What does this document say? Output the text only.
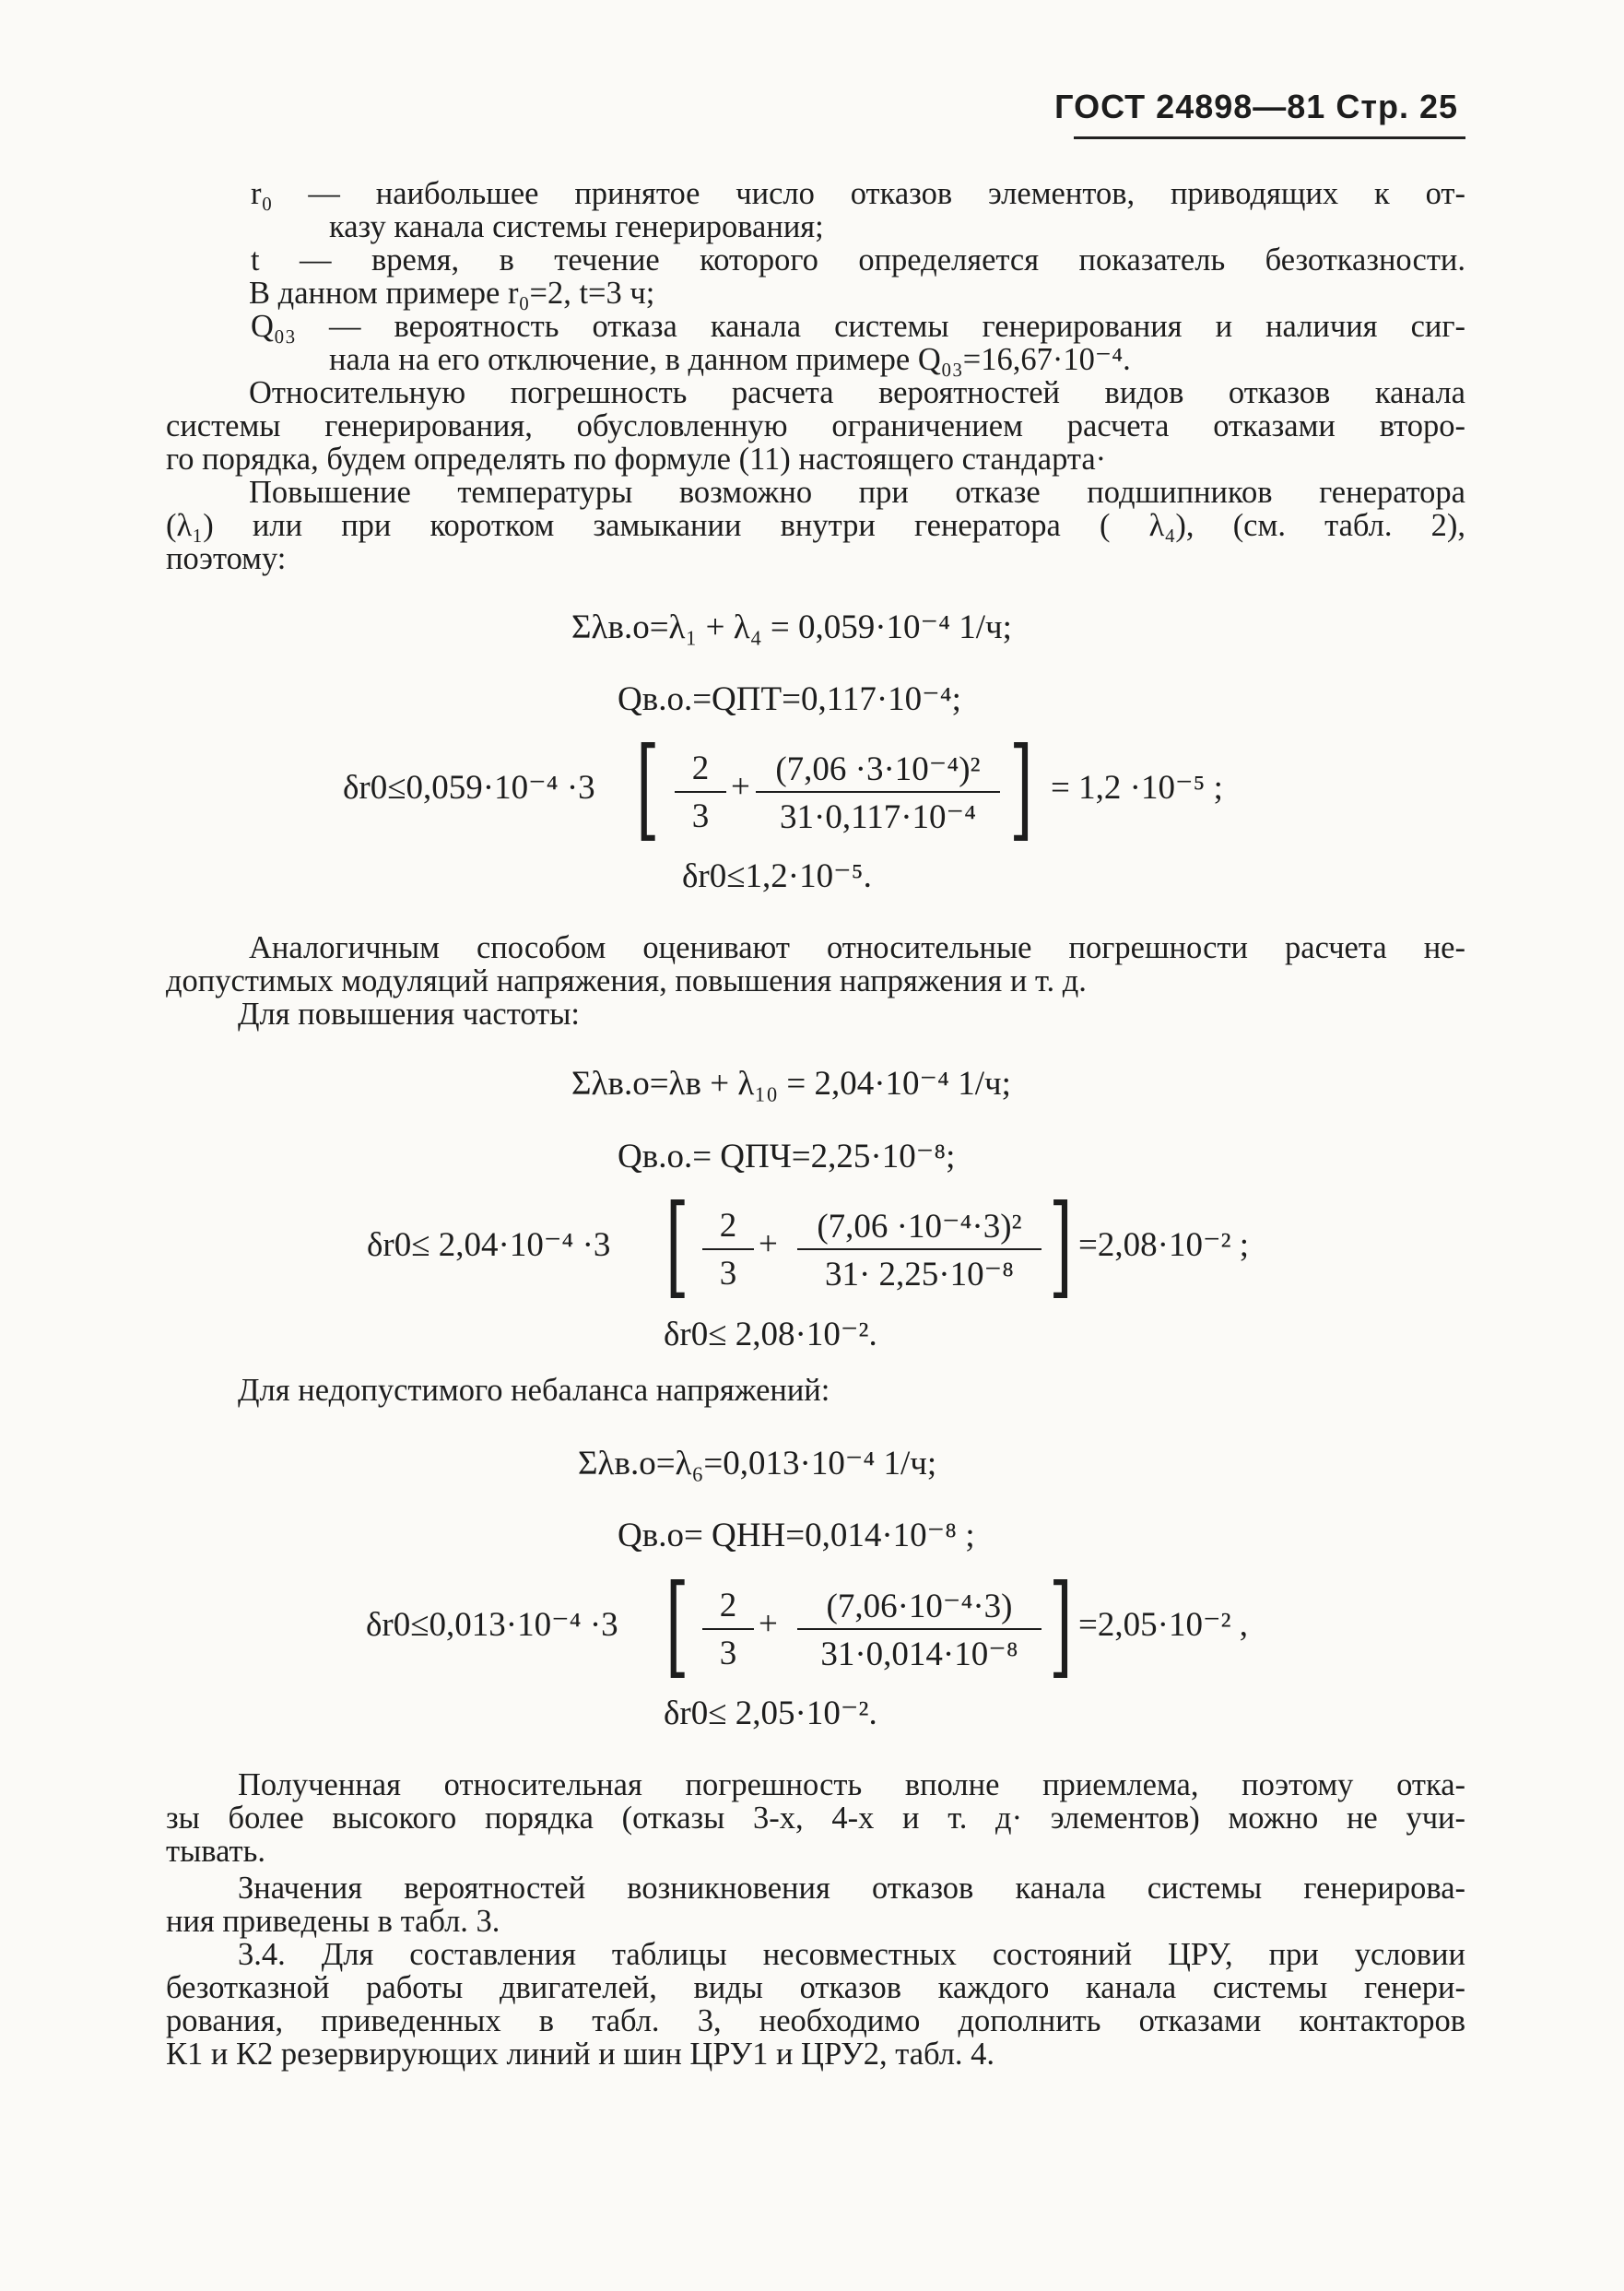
ГОСТ 24898—81 Стр. 25
r₀ — наибольшее принятое число отказов элементов, приводящих к от-
казу канала системы генерирования;
t — время, в течение которого определяется показатель безотказности.
В данном примере r₀=2, t=3 ч;
Q₀₃ — вероятность отказа канала системы генерирования и наличия сиг-
нала на его отключение, в данном примере Q₀₃=16,67·10⁻⁴.
Относительную погрешность расчета вероятностей видов отказов канала
системы генерирования, обусловленную ограничением расчета отказами второ-
го порядка, будем определять по формуле (11) настоящего стандарта·
Повышение температуры возможно при отказе подшипников генератора
(λ₁) или при коротком замыкании внутри генератора ( λ₄), (см. табл. 2),
поэтому:
Σλв.о=λ₁ + λ₄ = 0,059·10⁻⁴ 1/ч;
Qв.о.=QПТ=0,117·10⁻⁴;
δr0≤0,059·10⁻⁴ ·3 [ 2
3
+ (7,06 ·3·10⁻⁴)²
31·0,117·10⁻⁴ ] = 1,2 ·10⁻⁵ ;
δr0≤1,2·10⁻⁵.
Аналогичным способом оценивают относительные погрешности расчета не-
допустимых модуляций напряжения, повышения напряжения и т. д.
Для повышения частоты:
Σλв.о=λв + λ₁₀ = 2,04·10⁻⁴ 1/ч;
Qв.о.= QПЧ=2,25·10⁻⁸;
δr0≤ 2,04·10⁻⁴ ·3 [ 2
3
+	(7,06 ·10⁻⁴·3)²
31· 2,25·10⁻⁸ ] =2,08·10⁻² ;
δr0≤ 2,08·10⁻².
Для недопустимого небаланса напряжений:
Σλв.о=λ₆=0,013·10⁻⁴ 1/ч;
Qв.о= QНН=0,014·10⁻⁸ ;
δr0≤0,013·10⁻⁴ ·3 [ 2
3
+	(7,06·10⁻⁴·3)
31·0,014·10⁻⁸ ] =2,05·10⁻² ,
δr0≤ 2,05·10⁻².
Полученная относительная погрешность вполне приемлема, поэтому отка-
зы более высокого порядка (отказы 3-х, 4-х и т. д· элементов) можно не учи-
тывать.
Значения вероятностей возникновения отказов канала системы генерирова-
ния приведены в табл. 3.
3.4. Для составления таблицы несовместных состояний ЦРУ, при условии
безотказной работы двигателей, виды отказов каждого канала системы генери-
рования, приведенных в табл. 3, необходимо дополнить отказами контакторов
К1 и К2 резервирующих линий и шин ЦРУ1 и ЦРУ2, табл. 4.
